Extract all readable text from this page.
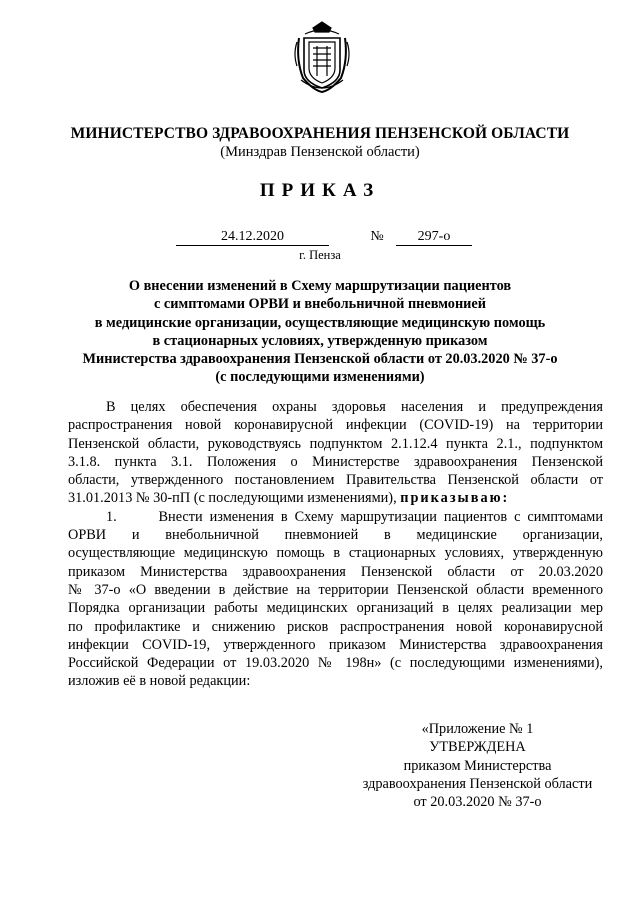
МИНИСТЕРСТВО ЗДРАВООХРАНЕНИЯ ПЕНЗЕНСКОЙ ОБЛАСТИ
(Минздрав Пензенской области)
ПРИКАЗ
24.12.2020	№	297-о
г. Пенза
О внесении изменений в Схему маршрутизации пациентов
с симптомами ОРВИ и внебольничной пневмонией
в медицинские организации, осуществляющие медицинскую помощь
в стационарных условиях, утвержденную приказом
Министерства здравоохранения Пензенской области от 20.03.2020 № 37-о
(с последующими изменениями)
В целях обеспечения охраны здоровья населения и предупреждения
распространения новой коронавирусной инфекции (COVID-19) на территории
Пензенской области, руководствуясь подпунктом 2.1.12.4 пункта 2.1., подпунктом
3.1.8. пункта 3.1. Положения о Министерстве здравоохранения Пензенской
области, утвержденного постановлением Правительства Пензенской области от
31.01.2013 № 30-пП (с последующими изменениями), приказываю:
1.      Внести изменения в Схему маршрутизации пациентов с симптомами
ОРВИ и внебольничной пневмонией в медицинские организации,
осуществляющие медицинскую помощь в стационарных условиях, утвержденную
приказом Министерства здравоохранения Пензенской области от 20.03.2020
№ 37-о «О введении в действие на территории Пензенской области временного
Порядка организации работы медицинских организаций в целях реализации мер
по профилактике и снижению рисков распространения новой коронавирусной
инфекции COVID-19, утвержденного приказом Министерства здравоохранения
Российской Федерации от 19.03.2020 № 198н» (с последующими изменениями),
изложив её в новой редакции:
«Приложение № 1
УТВЕРЖДЕНА
приказом Министерства
здравоохранения Пензенской области
от 20.03.2020 № 37-о
